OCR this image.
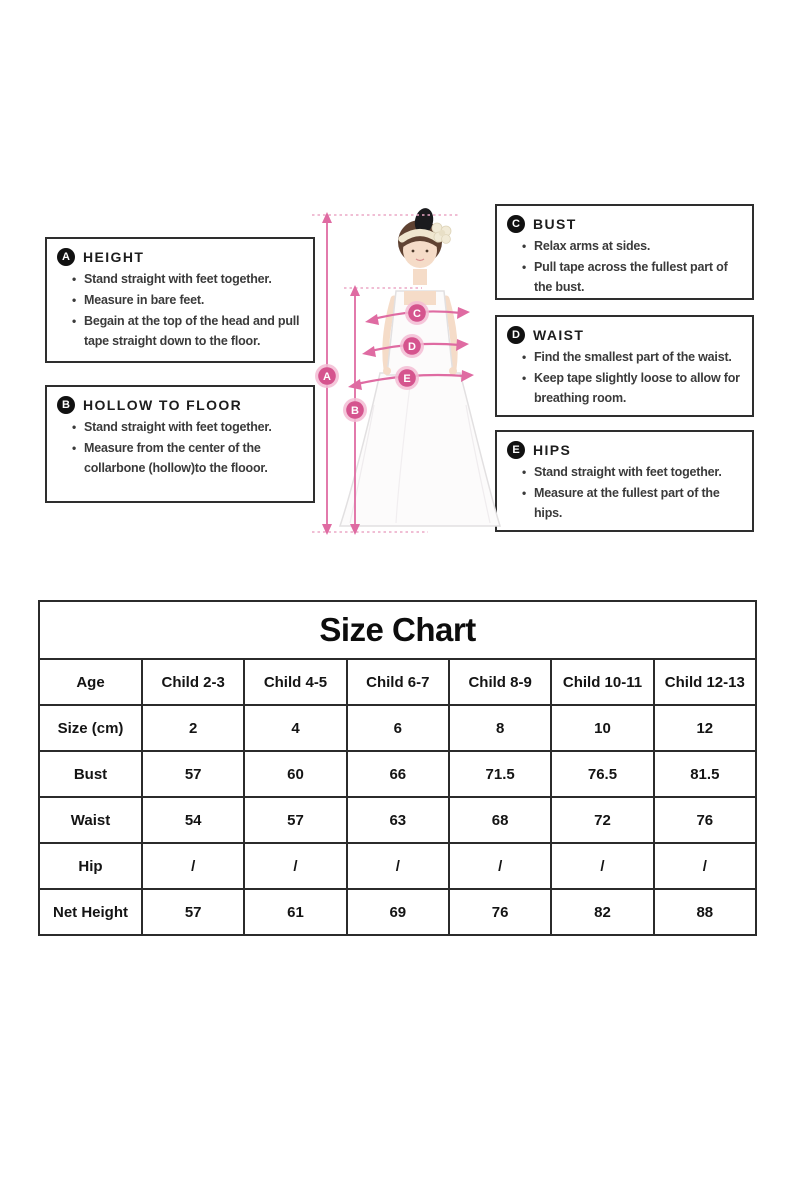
A HEIGHT
• Stand straight with feet together.
• Measure in bare feet.
• Begain at the top of the head and pull tape straight down to the floor.
B HOLLOW TO FLOOR
• Stand straight with feet together.
• Measure from the center of the collarbone (hollow)to the flooor.
C BUST
• Relax arms at sides.
• Pull tape across the fullest part of the bust.
D WAIST
• Find the smallest part of the waist.
• Keep tape slightly loose to allow for breathing room.
E HIPS
• Stand straight with feet together.
• Measure at the fullest part of the hips.
A
B
C
D
E
Size Chart						
Age	Child 2-3	Child 4-5	Child 6-7	Child 8-9	Child 10-11	Child 12-13
Size (cm)	2	4	6	8	10	12
Bust	57	60	66	71.5	76.5	81.5
Waist	54	57	63	68	72	76
Hip	/	/	/	/	/	/
Net Height	57	61	69	76	82	88
